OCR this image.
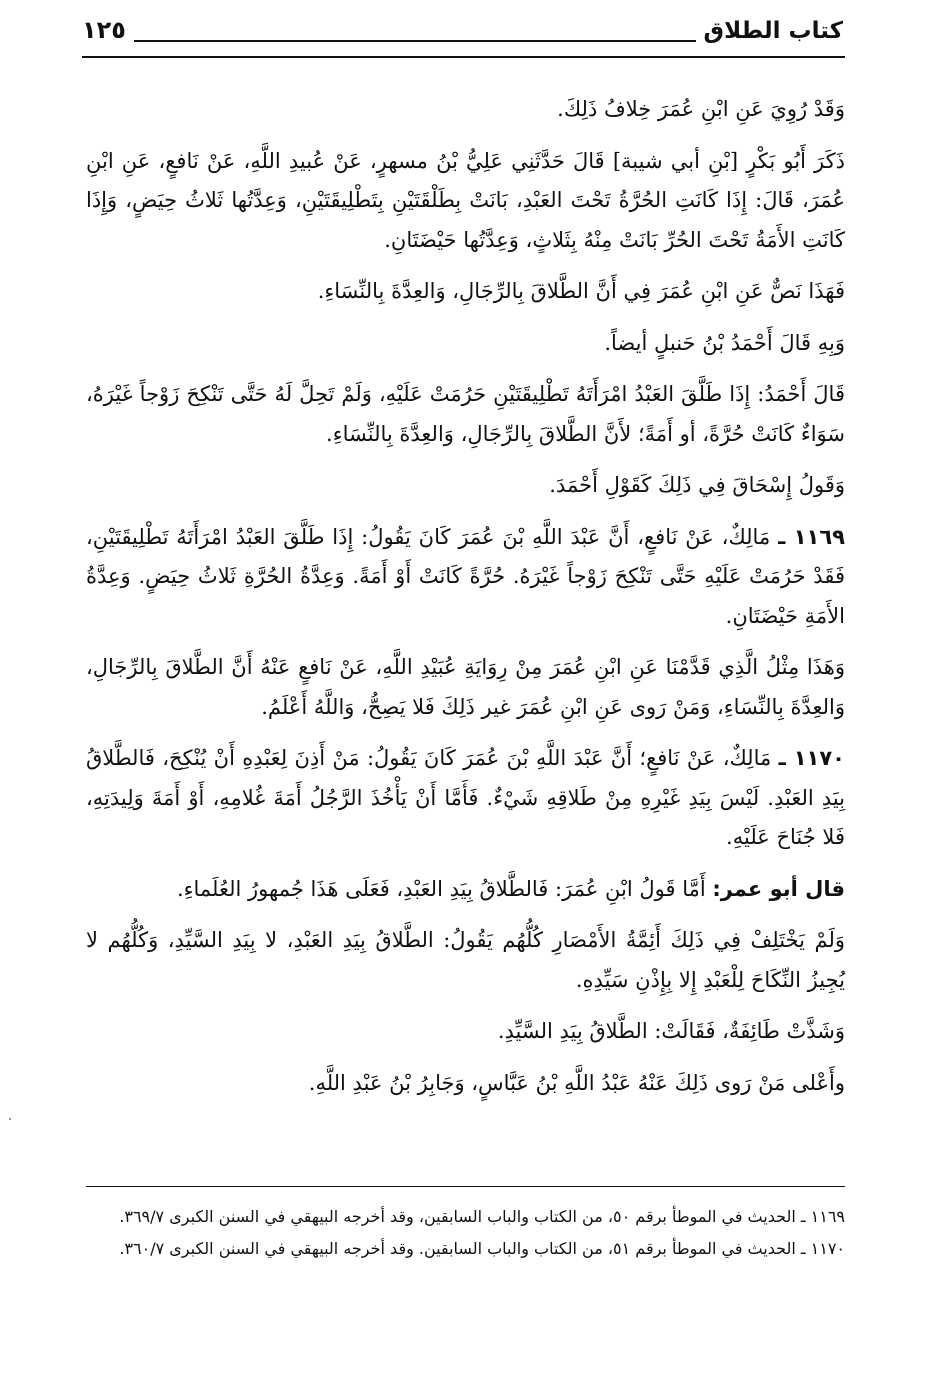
كتاب الطلاق
١٢٥

وَقَدْ رُوِيَ عَنِ ابْنِ عُمَرَ خِلافُ ذَلِكَ.

ذَكَرَ أَبُو بَكْرٍ [بْنِ أبي شيبة] قَالَ حَدَّثَنِي عَلِيُّ بْنُ مسهرٍ، عَنْ عُبيدِ اللَّهِ، عَنْ نَافعٍ، عَنِ ابْنِ عُمَرَ، قَالَ: إِذَا كَانَتِ الحُرَّةُ تَحْتَ العَبْدِ، بَانَتْ بِطَلْقَتَيْنِ بِتَطْلِيقَتَيْنِ، وَعِدَّتُها ثَلاثُ حِيَضٍ، وَإِذَا كَانَتِ الأَمَةُ تَحْتَ الحُرِّ بَانَتْ مِنْهُ بِثَلاثٍ، وَعِدَّتُها حَيْضَتَانِ.

فَهَذَا نَصٌّ عَنِ ابْنِ عُمَرَ فِي أَنَّ الطَّلاقَ بِالرِّجَالِ، وَالعِدَّةَ بِالنِّسَاءِ.

وَبِهِ قَالَ أَحْمَدُ بْنُ حَنبلٍ أيضاً.

قَالَ أَحْمَدُ: إِذَا طَلَّقَ العَبْدُ امْرَأَتَهُ تَطْلِيقَتَيْنِ حَرُمَتْ عَلَيْهِ، وَلَمْ تَحِلَّ لَهُ حَتَّى تَنْكِحَ زَوْجاً غَيْرَهُ، سَوَاءٌ كَانَتْ حُرَّةً، أو أَمَةً؛ لأَنَّ الطَّلاقَ بِالرِّجَالِ، وَالعِدَّةَ بِالنِّسَاءِ.

وَقَولُ إِسْحَاقَ فِي ذَلِكَ كَقَوْلِ أَحْمَدَ.

١١٦٩ ـ مَالِكٌ، عَنْ نَافعٍ، أَنَّ عَبْدَ اللَّهِ بْنَ عُمَرَ كَانَ يَقُولُ: إِذَا طَلَّقَ العَبْدُ امْرَأَتَهُ تَطْلِيقَتَيْنِ، فَقَدْ حَرُمَتْ عَلَيْهِ حَتَّى تَنْكِحَ زَوْجاً غَيْرَهُ. حُرَّةً كَانَتْ أَوْ أَمَةً. وَعِدَّةُ الحُرَّةِ ثَلاثُ حِيَضٍ. وَعِدَّةُ الأَمَةِ حَيْضَتَانِ.

وَهَذَا مِثْلُ الَّذِي قَدَّمْنَا عَنِ ابْنِ عُمَرَ مِنْ رِوَايَةِ عُبَيْدِ اللَّهِ، عَنْ نَافعٍ عَنْهُ أَنَّ الطَّلاقَ بِالرِّجَالِ، وَالعِدَّةَ بِالنِّسَاءِ، وَمَنْ رَوى عَنِ ابْنِ عُمَرَ غير ذَلِكَ فَلا يَصِحُّ، وَاللَّهُ أَعْلَمُ.

١١٧٠ ـ مَالِكٌ، عَنْ نَافعٍ؛ أَنَّ عَبْدَ اللَّهِ بْنَ عُمَرَ كَانَ يَقُولُ: مَنْ أَذِنَ لِعَبْدِهِ أَنْ يُنْكِحَ، فَالطَّلاقُ بِيَدِ العَبْدِ. لَيْسَ بِيَدِ غَيْرِهِ مِنْ طَلاقِهِ شَيْءٌ. فَأَمَّا أَنْ يَأْخُذَ الرَّجُلُ أَمَةَ غُلامِهِ، أَوْ أَمَةَ وَلِيدَتِهِ، فَلا جُنَاحَ عَلَيْهِ.

قال أبو عمر: أَمَّا قَولُ ابْنِ عُمَرَ: فَالطَّلاقُ بِيَدِ العَبْدِ، فَعَلَى هَذَا جُمهورُ العُلَماءِ.

وَلَمْ يَخْتَلِفْ فِي ذَلِكَ أَئِمَّةُ الأَمْصَارِ كُلُّهُم يَقُولُ: الطَّلاقُ بِيَدِ العَبْدِ، لا بِيَدِ السَّيِّدِ، وَكُلُّهُم لا يُجِيزُ النِّكَاحَ لِلْعَبْدِ إِلا بِإِذْنِ سَيِّدِهِ.

وَشَذَّتْ طَائِفَةٌ، فَقَالَتْ: الطَّلاقُ بِيَدِ السَّيِّدِ.

وأَعْلى مَنْ رَوى ذَلِكَ عَنْهُ عَبْدُ اللَّهِ بْنُ عَبَّاسٍ، وَجَابِرُ بْنُ عَبْدِ اللَّهِ.

١١٦٩ ـ الحديث في الموطأ برقم ٥٠، من الكتاب والباب السابقين، وقد أخرجه البيهقي في السنن الكبرى ٣٦٩/٧.

١١٧٠ ـ الحديث في الموطأ برقم ٥١، من الكتاب والباب السابقين. وقد أخرجه البيهقي في السنن الكبرى ٣٦٠/٧.
